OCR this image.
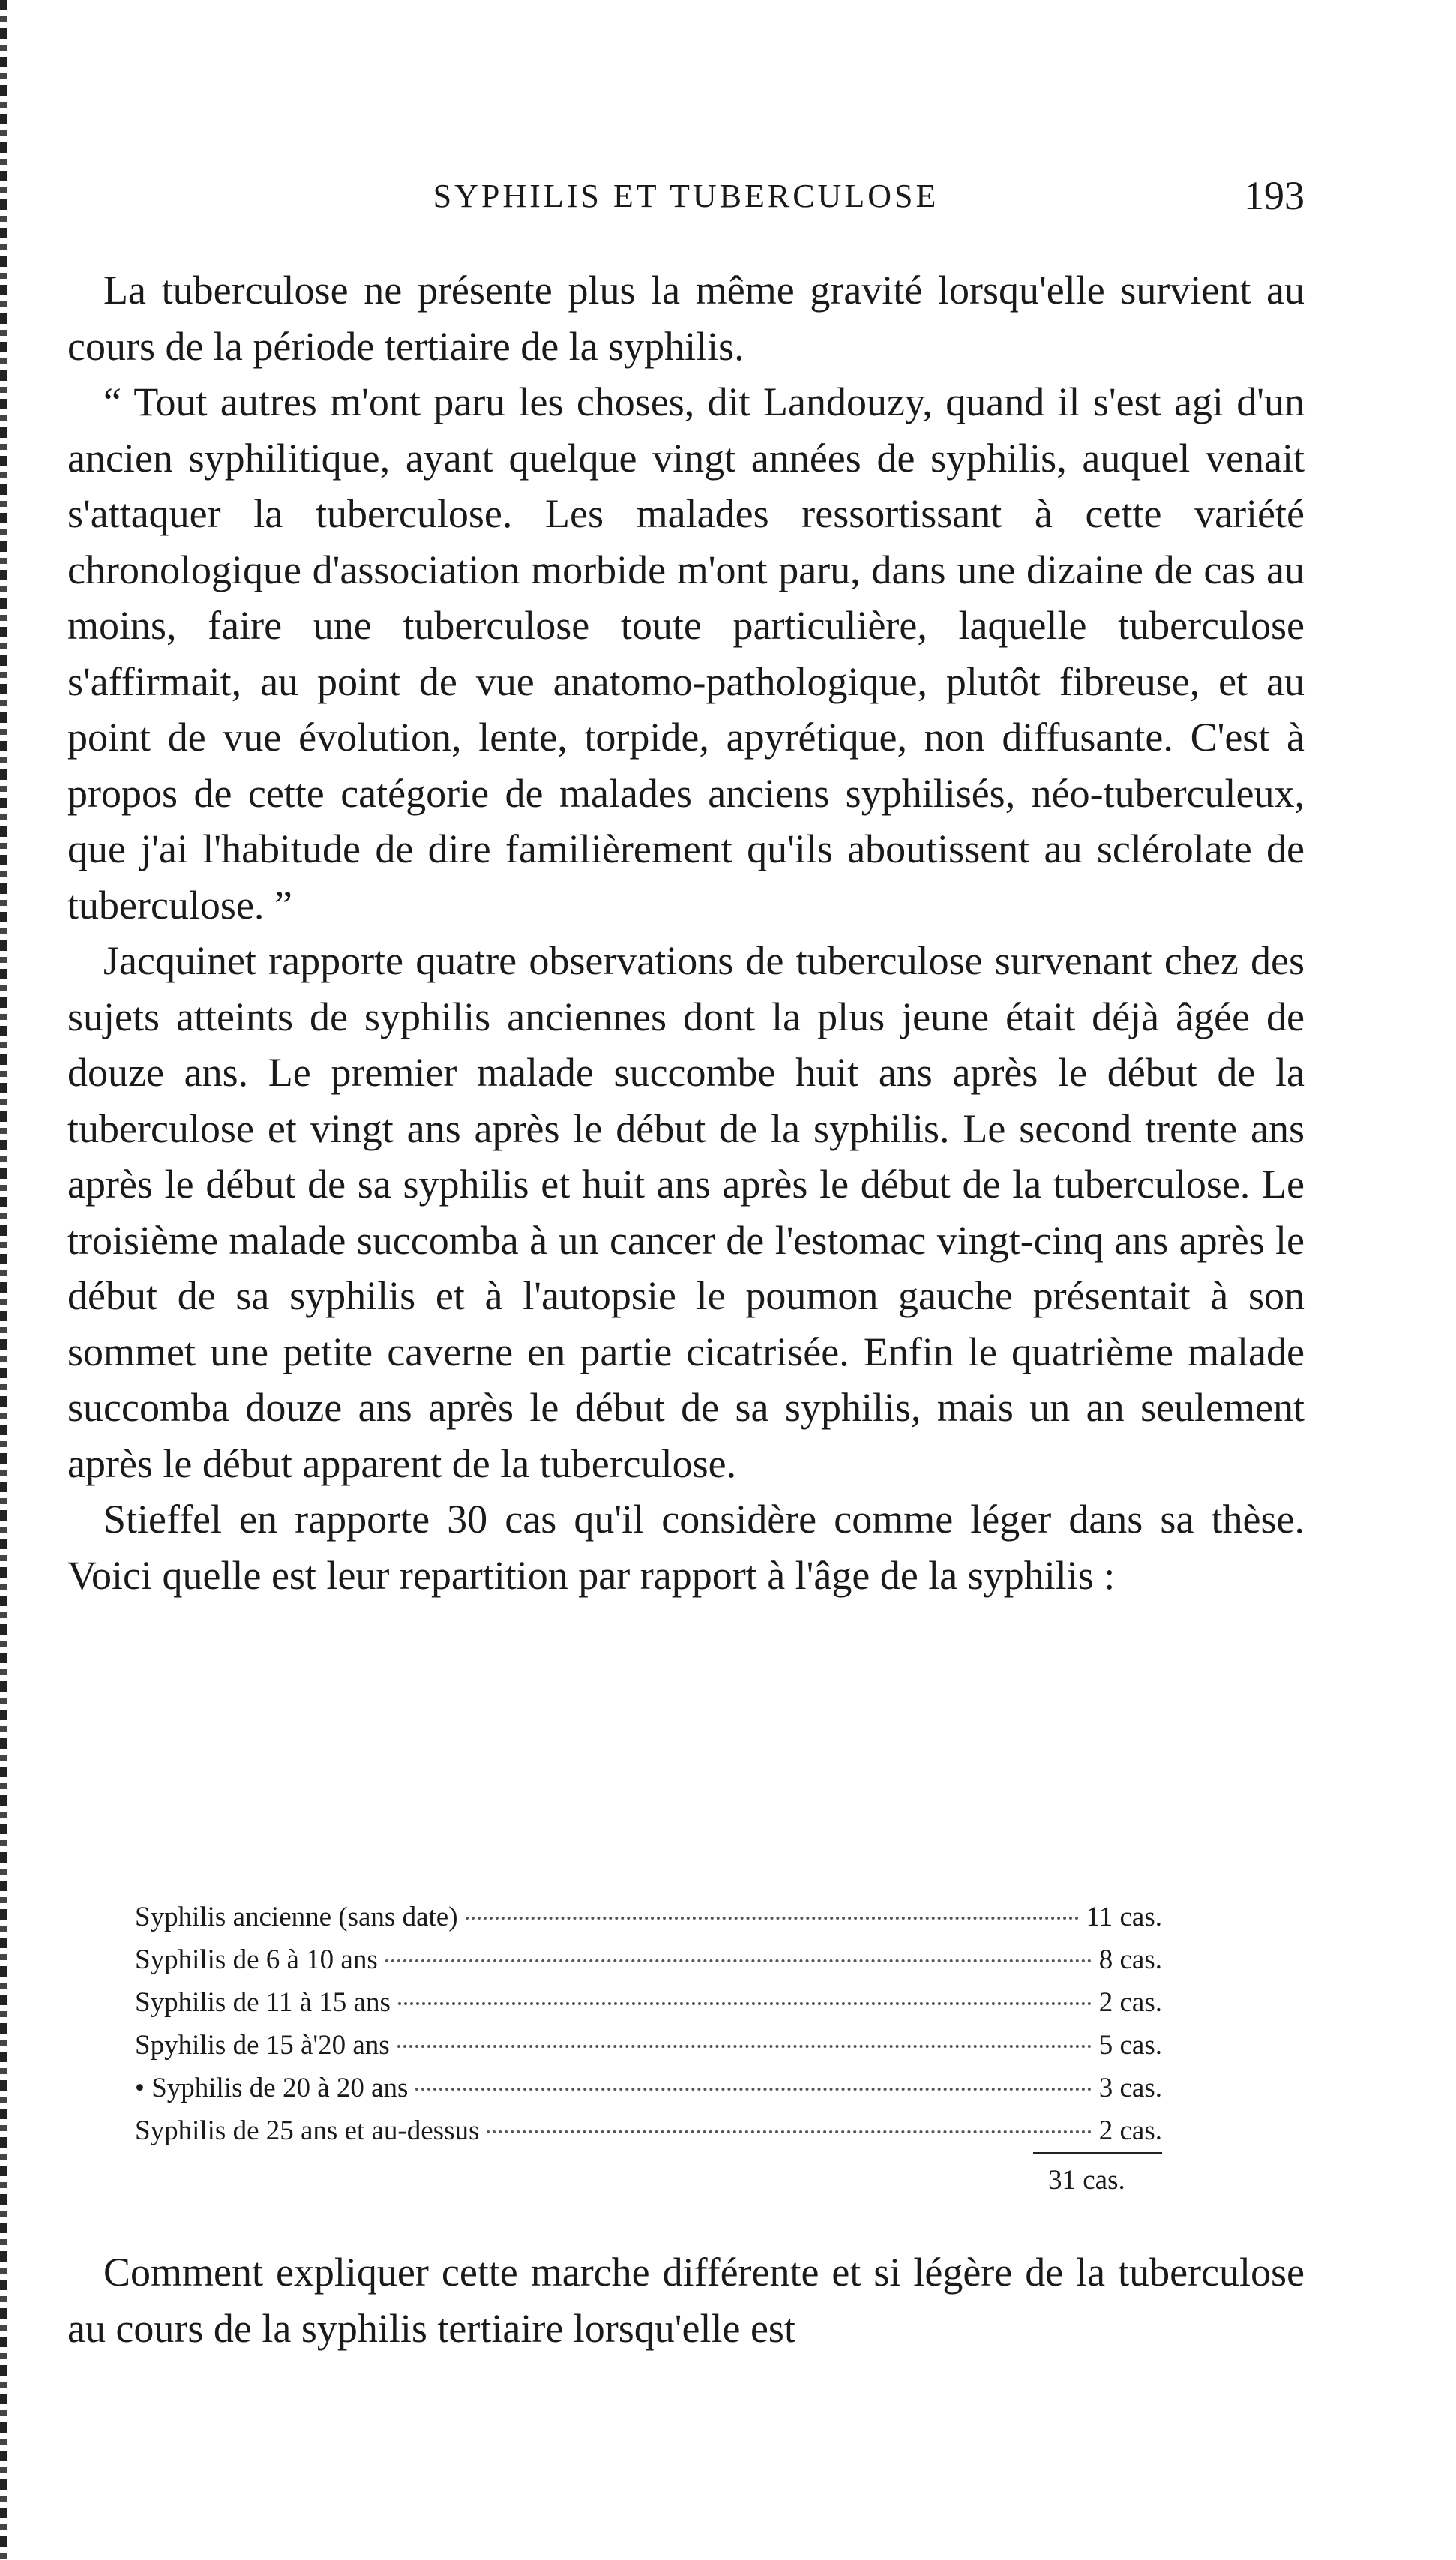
SYPHILIS ET TUBERCULOSE	193

La tuberculose ne présente plus la même gravité lorsqu'elle survient au cours de la période tertiaire de la syphilis.

“ Tout autres m'ont paru les choses, dit Landouzy, quand il s'est agi d'un ancien syphilitique, ayant quelque vingt années de syphilis, auquel venait s'attaquer la tuberculose. Les malades ressortissant à cette variété chronologique d'association morbide m'ont paru, dans une dizaine de cas au moins, faire une tuberculose toute particulière, laquelle tuberculose s'affirmait, au point de vue anatomo-pathologique, plutôt fibreuse, et au point de vue évolution, lente, torpide, apyrétique, non diffusante. C'est à propos de cette catégorie de malades anciens syphilisés, néo-tuberculeux, que j'ai l'habitude de dire familièrement qu'ils aboutissent au sclérolate de tuberculose. ”

Jacquinet rapporte quatre observations de tuberculose survenant chez des sujets atteints de syphilis anciennes dont la plus jeune était déjà âgée de douze ans. Le premier malade succombe huit ans après le début de la tuberculose et vingt ans après le début de la syphilis. Le second trente ans après le début de sa syphilis et huit ans après le début de la tuberculose. Le troisième malade succomba à un cancer de l'estomac vingt-cinq ans après le début de sa syphilis et à l'autopsie le poumon gauche présentait à son sommet une petite caverne en partie cicatrisée. Enfin le quatrième malade succomba douze ans après le début de sa syphilis, mais un an seulement après le début apparent de la tuberculose.

Stieffel en rapporte 30 cas qu'il considère comme léger dans sa thèse. Voici quelle est leur repartition par rapport à l'âge de la syphilis :

Syphilis ancienne (sans date)	11 cas.
Syphilis de 6 à 10 ans	8 cas.
Syphilis de 11 à 15 ans	2 cas.
Spyhilis de 15 à'20 ans	5 cas.
• Syphilis de 20 à 20 ans	3 cas.
Syphilis de 25 ans et au-dessus	2 cas.
31 cas.

Comment expliquer cette marche différente et si légère de la tuberculose au cours de la syphilis tertiaire lorsqu'elle est
